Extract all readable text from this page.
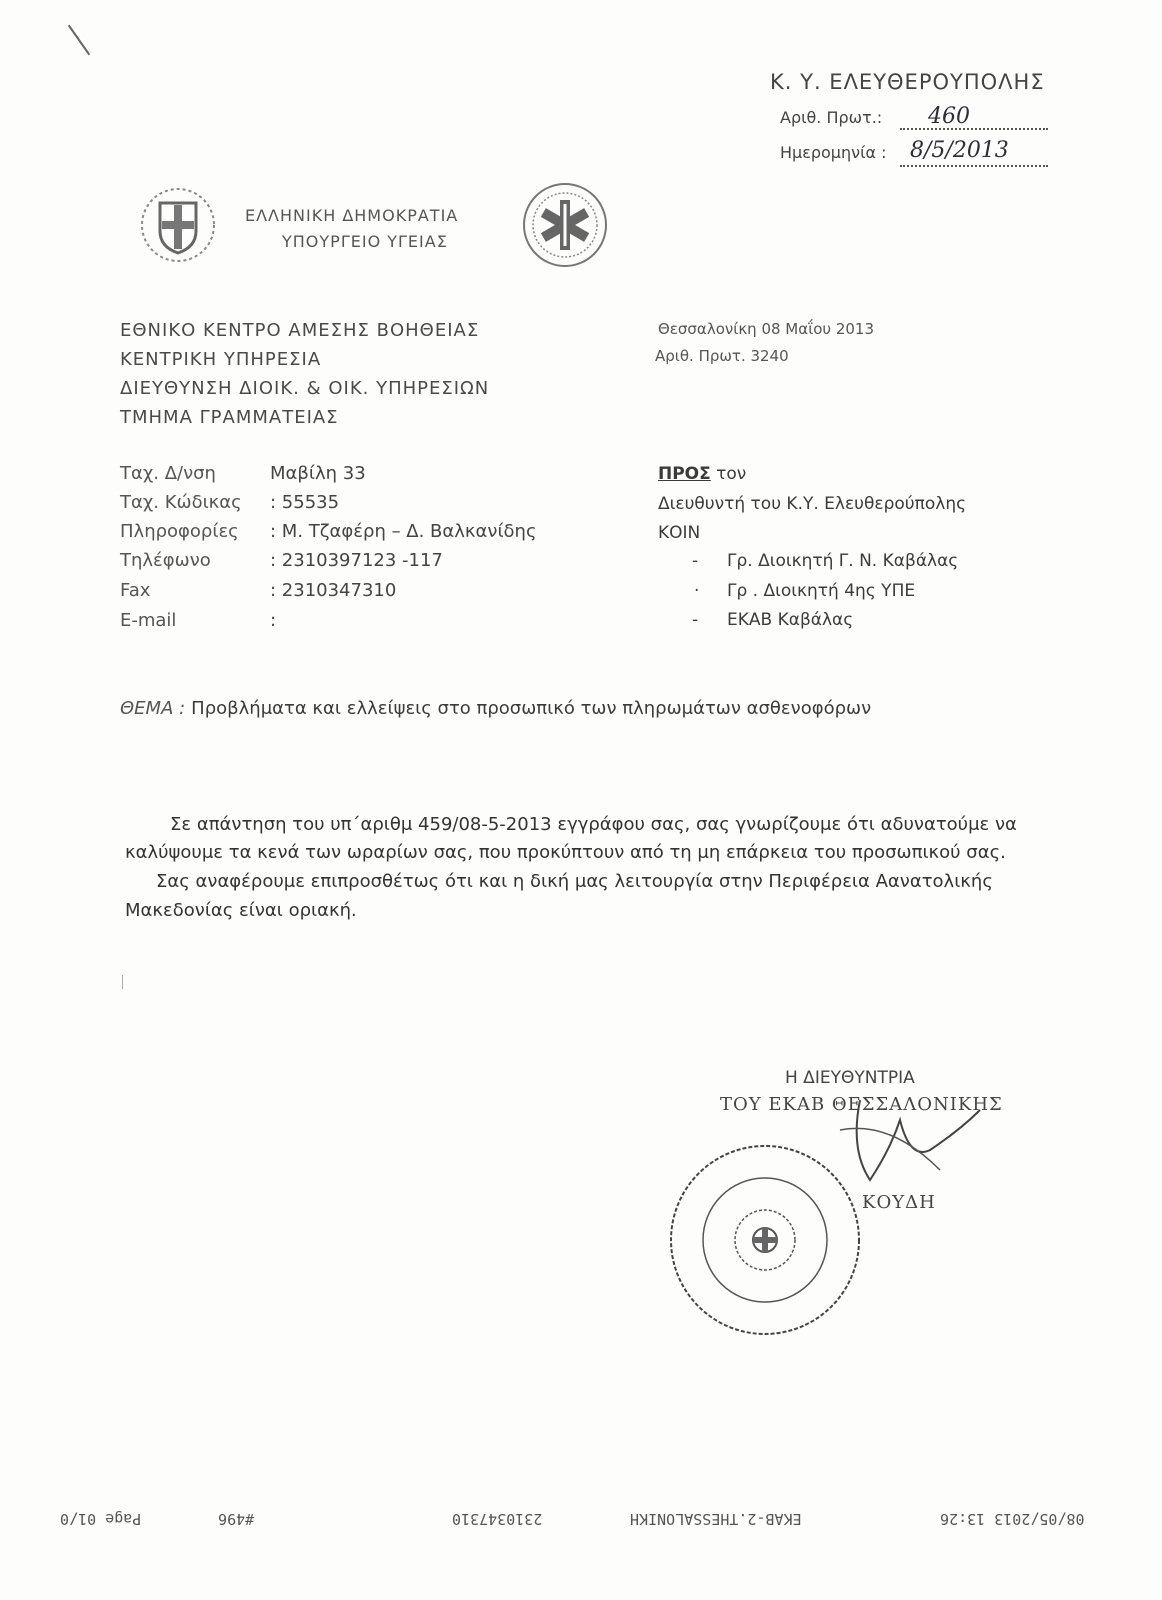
Κ. Υ. ΕΛΕΥΘΕΡΟΥΠΟΛΗΣ
Αριθ. Πρωτ.: 460
Ημερομηνία : 8/5/2013
ΕΛΛΗΝΙΚΗ ΔΗΜΟΚΡΑΤΙΑ
ΥΠΟΥΡΓΕΙΟ ΥΓΕΙΑΣ
ΕΘΝΙΚΟ ΚΕΝΤΡΟ ΑΜΕΣΗΣ ΒΟΗΘΕΙΑΣ
ΚΕΝΤΡΙΚΗ ΥΠΗΡΕΣΙΑ
ΔΙΕΥΘΥΝΣΗ ΔΙΟΙΚ. & ΟΙΚ. ΥΠΗΡΕΣΙΩΝ
ΤΜΗΜΑ ΓΡΑΜΜΑΤΕΙΑΣ
Θεσσαλονίκη 08 Μαΐου 2013
Αριθ. Πρωτ. 3240
Ταχ. Δ/νση	Μαβίλη 33
Ταχ. Κώδικας : 55535
Πληροφορίες : Μ. Τζαφέρη – Δ. Βαλκανίδης
Τηλέφωνο	: 2310397123 -117
Fax	: 2310347310
E-mail	:
ΠΡΟΣ τον
Διευθυντή του Κ.Υ. Ελευθερούπολης
ΚΟΙΝ
- Γρ. Διοικητή Γ. Ν. Καβάλας
· Γρ . Διοικητή 4ης ΥΠΕ
- ΕΚΑΒ Καβάλας
ΘΕΜΑ : Προβλήματα και ελλείψεις στο προσωπικό των πληρωμάτων ασθενοφόρων
Σε απάντηση του υπ΄αριθμ 459/08-5-2013 εγγράφου σας, σας γνωρίζουμε ότι αδυνατούμε να
καλύψουμε τα κενά των ωραρίων σας, που προκύπτουν από τη μη επάρκεια του προσωπικού σας.
Σας αναφέρουμε επιπροσθέτως ότι και η δική μας λειτουργία στην Περιφέρεια Αανατολικής
Μακεδονίας είναι οριακή.
Η ΔΙΕΥΘΥΝΤΡΙΑ
ΤΟΥ ΕΚΑΒ ΘΕΣΣΑΛΟΝΙΚΗΣ
ΚΟΥΔΗ
Page 01/0	#496	2310347310	ΕΚΑΒ-2.THESSALONIKH	08/05/2013 13:26
